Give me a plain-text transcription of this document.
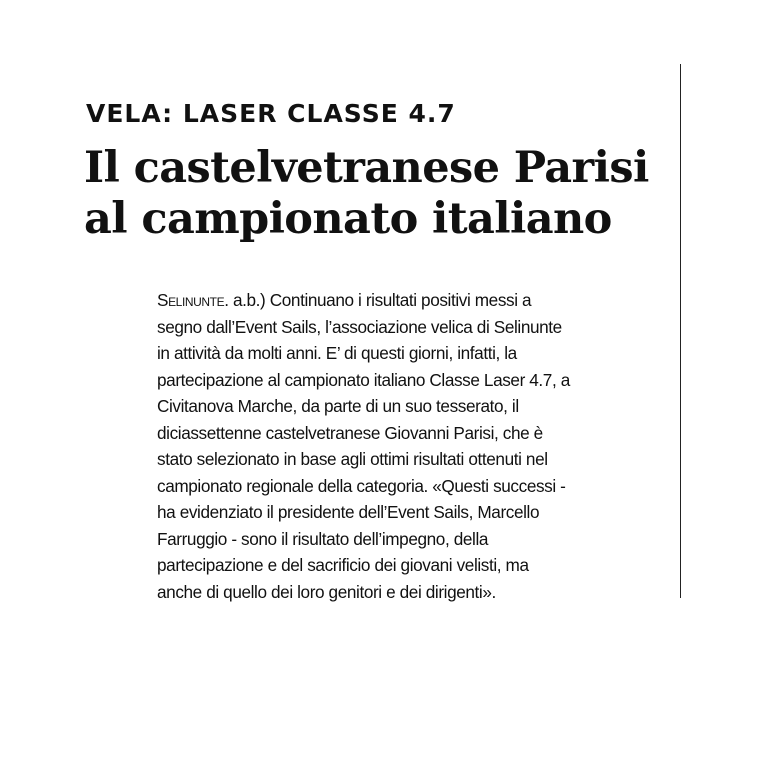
VELA: LASER CLASSE 4.7

Il castelvetranese Parisi
al campionato italiano

Selinunte. a.b.) Continuano i risultati positivi messi a
segno dall’Event Sails, l’associazione velica di Selinunte
in attività da molti anni. E’ di questi giorni, infatti, la
partecipazione al campionato italiano Classe Laser 4.7, a
Civitanova Marche, da parte di un suo tesserato, il
diciassettenne castelvetranese Giovanni Parisi, che è
stato selezionato in base agli ottimi risultati ottenuti nel
campionato regionale della categoria. «Questi successi -
ha evidenziato il presidente dell’Event Sails, Marcello
Farruggio - sono il risultato dell’impegno, della
partecipazione e del sacrificio dei giovani velisti, ma
anche di quello dei loro genitori e dei dirigenti».
